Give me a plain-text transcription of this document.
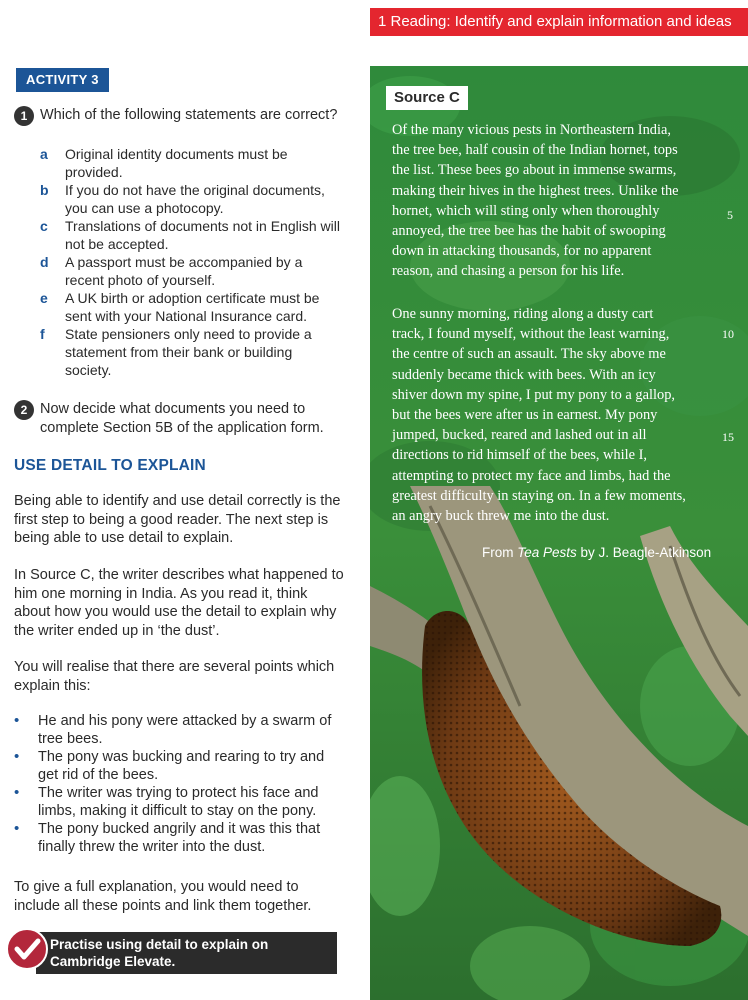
1 Reading: Identify and explain information and ideas
ACTIVITY 3
1 Which of the following statements are correct?
a	Original identity documents must be provided.
b	If you do not have the original documents, you can use a photocopy.
c	Translations of documents not in English will not be accepted.
d	A passport must be accompanied by a recent photo of yourself.
e	A UK birth or adoption certificate must be sent with your National Insurance card.
f	State pensioners only need to provide a statement from their bank or building society.
2 Now decide what documents you need to complete Section 5B of the application form.
USE DETAIL TO EXPLAIN

Being able to identify and use detail correctly is the first step to being a good reader. The next step is being able to use detail to explain.

In Source C, the writer describes what happened to him one morning in India. As you read it, think about how you would use the detail to explain why the writer ended up in ‘the dust’.

You will realise that there are several points which explain this:

•	He and his pony were attacked by a swarm of tree bees.
•	The pony was bucking and rearing to try and get rid of the bees.
•	The writer was trying to protect his face and limbs, making it difficult to stay on the pony.
•	The pony bucked angrily and it was this that finally threw the writer into the dust.

To give a full explanation, you would need to include all these points and link them together.

Practise using detail to explain on
Cambridge Elevate.
Source C
Of the many vicious pests in Northeastern India,
the tree bee, half cousin of the Indian hornet, tops
the list. These bees go about in immense swarms,
making their hives in the highest trees. Unlike the
hornet, which will sting only when thoroughly
annoyed, the tree bee has the habit of swooping
down in attacking thousands, for no apparent
reason, and chasing a person for his life.
One sunny morning, riding along a dusty cart
track, I found myself, without the least warning,
the centre of such an assault. The sky above me
suddenly became thick with bees. With an icy
shiver down my spine, I put my pony to a gallop,
but the bees were after us in earnest. My pony
jumped, bucked, reared and lashed out in all
directions to rid himself of the bees, while I,
attempting to protect my face and limbs, had the
greatest difficulty in staying on. In a few moments,
an angry buck threw me into the dust.
5
10
15
From Tea Pests by J. Beagle-Atkinson
